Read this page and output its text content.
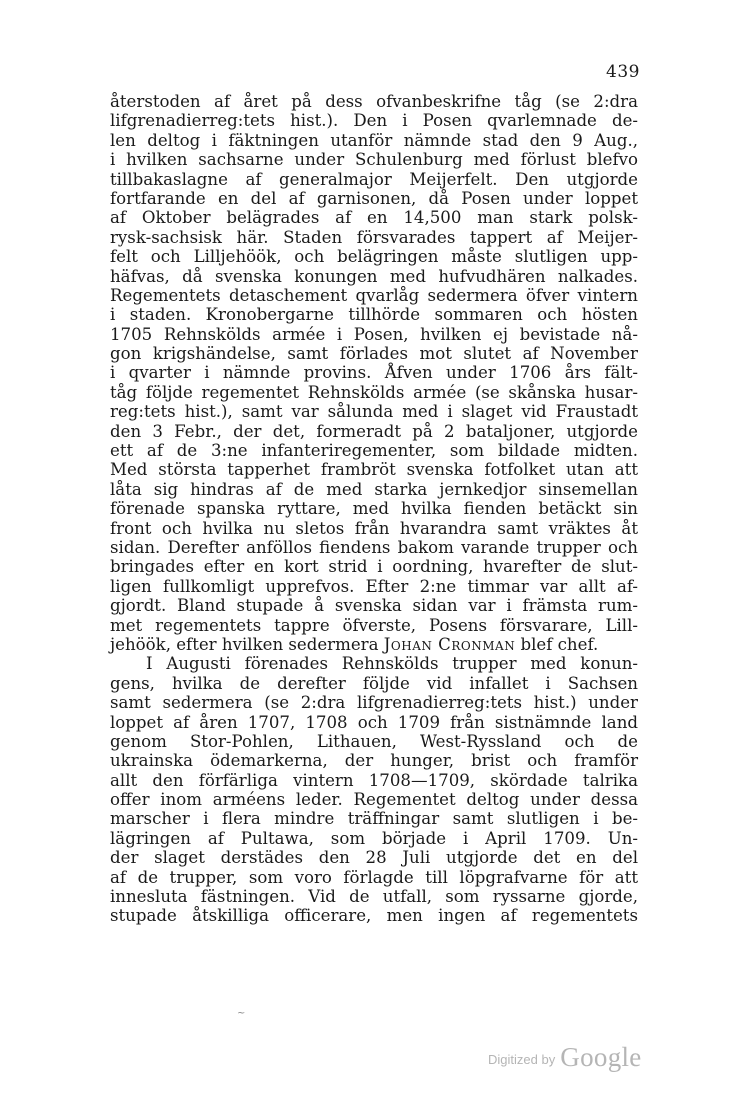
439
återstoden af året på dess ofvanbeskrifne tåg (se 2:dra
lifgrenadierreg:tets hist.). Den i Posen qvarlemnade de-
len deltog i fäktningen utanför nämnde stad den 9 Aug.,
i hvilken sachsarne under Schulenburg med förlust blefvo
tillbakaslagne af generalmajor Meijerfelt. Den utgjorde
fortfarande en del af garnisonen, då Posen under loppet
af Oktober belägrades af en 14,500 man stark polsk-
rysk-sachsisk här. Staden försvarades tappert af Meijer-
felt och Lilljehöök, och belägringen måste slutligen upp-
häfvas, då svenska konungen med hufvudhären nalkades.
Regementets detaschement qvarlåg sedermera öfver vintern
i staden. Kronobergarne tillhörde sommaren och hösten
1705 Rehnskölds armée i Posen, hvilken ej bevistade nå-
gon krigshändelse, samt förlades mot slutet af November
i qvarter i nämnde provins. Åfven under 1706 års fält-
tåg följde regementet Rehnskölds armée (se skånska husar-
reg:tets hist.), samt var sålunda med i slaget vid Fraustadt
den 3 Febr., der det, formeradt på 2 bataljoner, utgjorde
ett af de 3:ne infanteriregementer, som bildade midten.
Med största tapperhet frambröt svenska fotfolket utan att
låta sig hindras af de med starka jernkedjor sinsemellan
förenade spanska ryttare, med hvilka fienden betäckt sin
front och hvilka nu sletos från hvarandra samt vräktes åt
sidan. Derefter anföllos fiendens bakom varande trupper och
bringades efter en kort strid i oordning, hvarefter de slut-
ligen fullkomligt upprefvos. Efter 2:ne timmar var allt af-
gjordt. Bland stupade å svenska sidan var i främsta rum-
met regementets tappre öfverste, Posens försvarare, Lill-
jehöök, efter hvilken sedermera Johan Cronman blef chef.
I Augusti förenades Rehnskölds trupper med konun-
gens, hvilka de derefter följde vid infallet i Sachsen
samt sedermera (se 2:dra lifgrenadierreg:tets hist.) under
loppet af åren 1707, 1708 och 1709 från sistnämnde land
genom Stor-Pohlen, Lithauen, West-Ryssland och de
ukrainska ödemarkerna, der hunger, brist och framför
allt den förfärliga vintern 1708—1709, skördade talrika
offer inom arméens leder. Regementet deltog under dessa
marscher i flera mindre träffningar samt slutligen i be-
lägringen af Pultawa, som började i April 1709. Un-
der slaget derstädes den 28 Juli utgjorde det en del
af de trupper, som voro förlagde till löpgrafvarne för att
inneslutа fästningen. Vid de utfall, som ryssarne gjorde,
stupade åtskilliga officerare, men ingen af regementets
~
Digitized by Google
